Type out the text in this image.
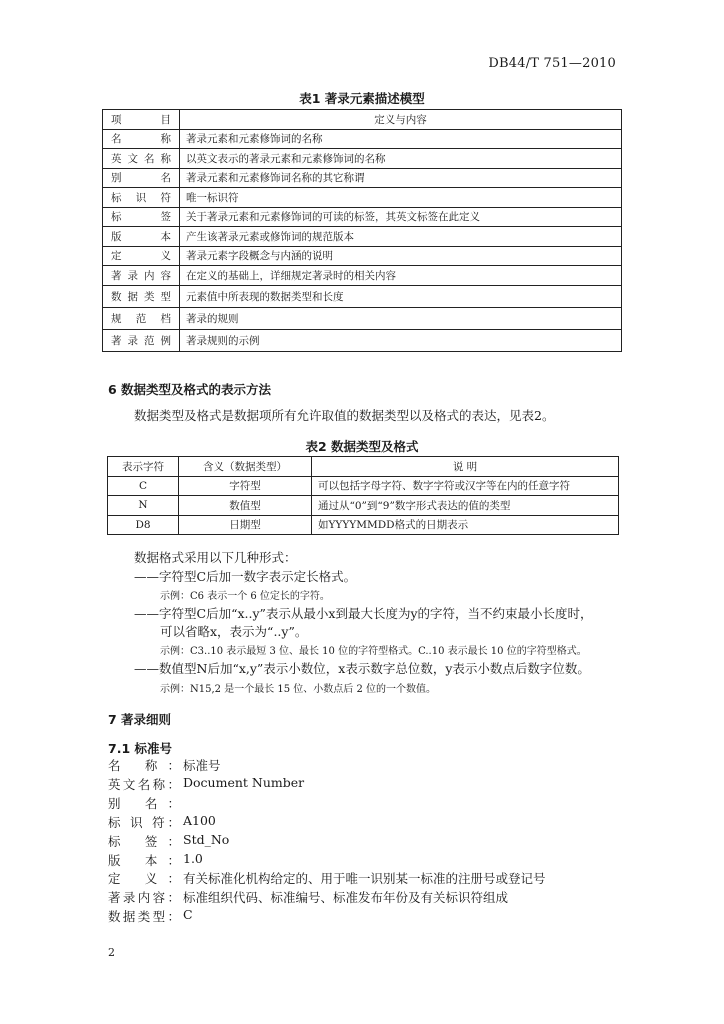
DB44/T 751—2010
表1 著录元素描述模型
项 目	定义与内容
名 称	著录元素和元素修饰词的名称
英文名称	以英文表示的著录元素和元素修饰词的名称
别 名	著录元素和元素修饰词名称的其它称谓
标 识 符	唯一标识符
标 签	关于著录元素和元素修饰词的可读的标签，其英文标签在此定义
版 本	产生该著录元素或修饰词的规范版本
定 义	著录元素字段概念与内涵的说明
著录内容	在定义的基础上，详细规定著录时的相关内容
数据类型	元素值中所表现的数据类型和长度
规 范 档	著录的规则
著录范例	著录规则的示例
6 数据类型及格式的表示方法
数据类型及格式是数据项所有允许取值的数据类型以及格式的表达，见表2。
表2 数据类型及格式
表示字符	含义（数据类型）	说 明
C	字符型	可以包括字母字符、数字字符或汉字等在内的任意字符
N	数值型	通过从“0”到“9”数字形式表达的值的类型
D8	日期型	如YYYYMMDD格式的日期表示
数据格式采用以下几种形式：
——字符型C后加一数字表示定长格式。
示例：C6 表示一个 6 位定长的字符。
——字符型C后加“x..y”表示从最小x到最大长度为y的字符，当不约束最小长度时，
可以省略x，表示为“..y”。
示例：C3..10 表示最短 3 位、最长 10 位的字符型格式。C..10 表示最长 10 位的字符型格式。
——数值型N后加“x,y”表示小数位，x表示数字总位数，y表示小数点后数字位数。
示例：N15,2 是一个最长 15 位、小数点后 2 位的一个数值。
7 著录细则
7.1 标准号
名 称： 标准号
英文名称： Document Number
别 名：
标 识 符： A100
标 签： Std_No
版 本： 1.0
定 义： 有关标准化机构给定的、用于唯一识别某一标准的注册号或登记号
著录内容： 标准组织代码、标准编号、标准发布年份及有关标识符组成
数据类型： C
2
